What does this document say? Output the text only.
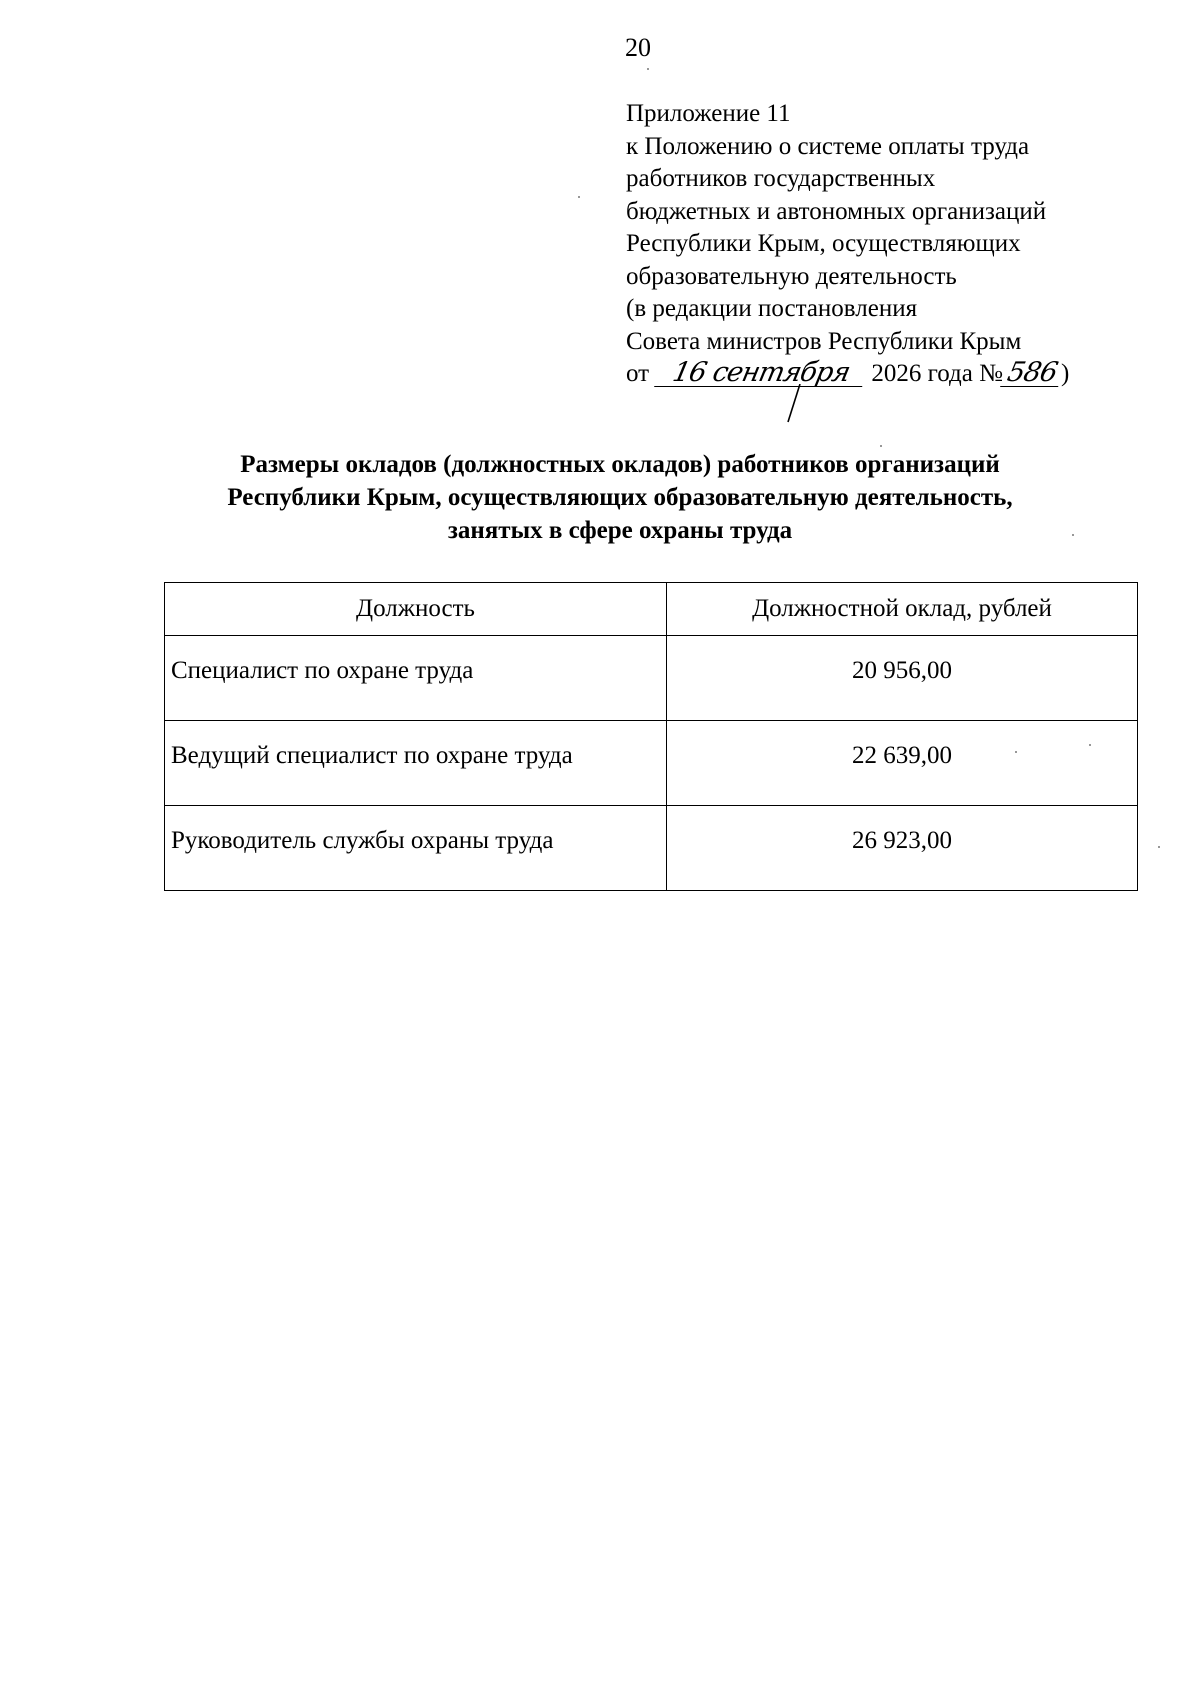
20
Приложение 11
к Положению о системе оплаты труда
работников государственных
бюджетных и автономных организаций
Республики Крым, осуществляющих
образовательную деятельность
(в редакции постановления
Совета министров Республики Крым
от 16 сентября 2026 года №586)
Размеры окладов (должностных окладов) работников организаций
Республики Крым, осуществляющих образовательную деятельность,
занятых в сфере охраны труда
Должность	Должностной оклад, рублей
Специалист по охране труда	20 956,00
Ведущий специалист по охране труда	22 639,00
Руководитель службы охраны труда	26 923,00
